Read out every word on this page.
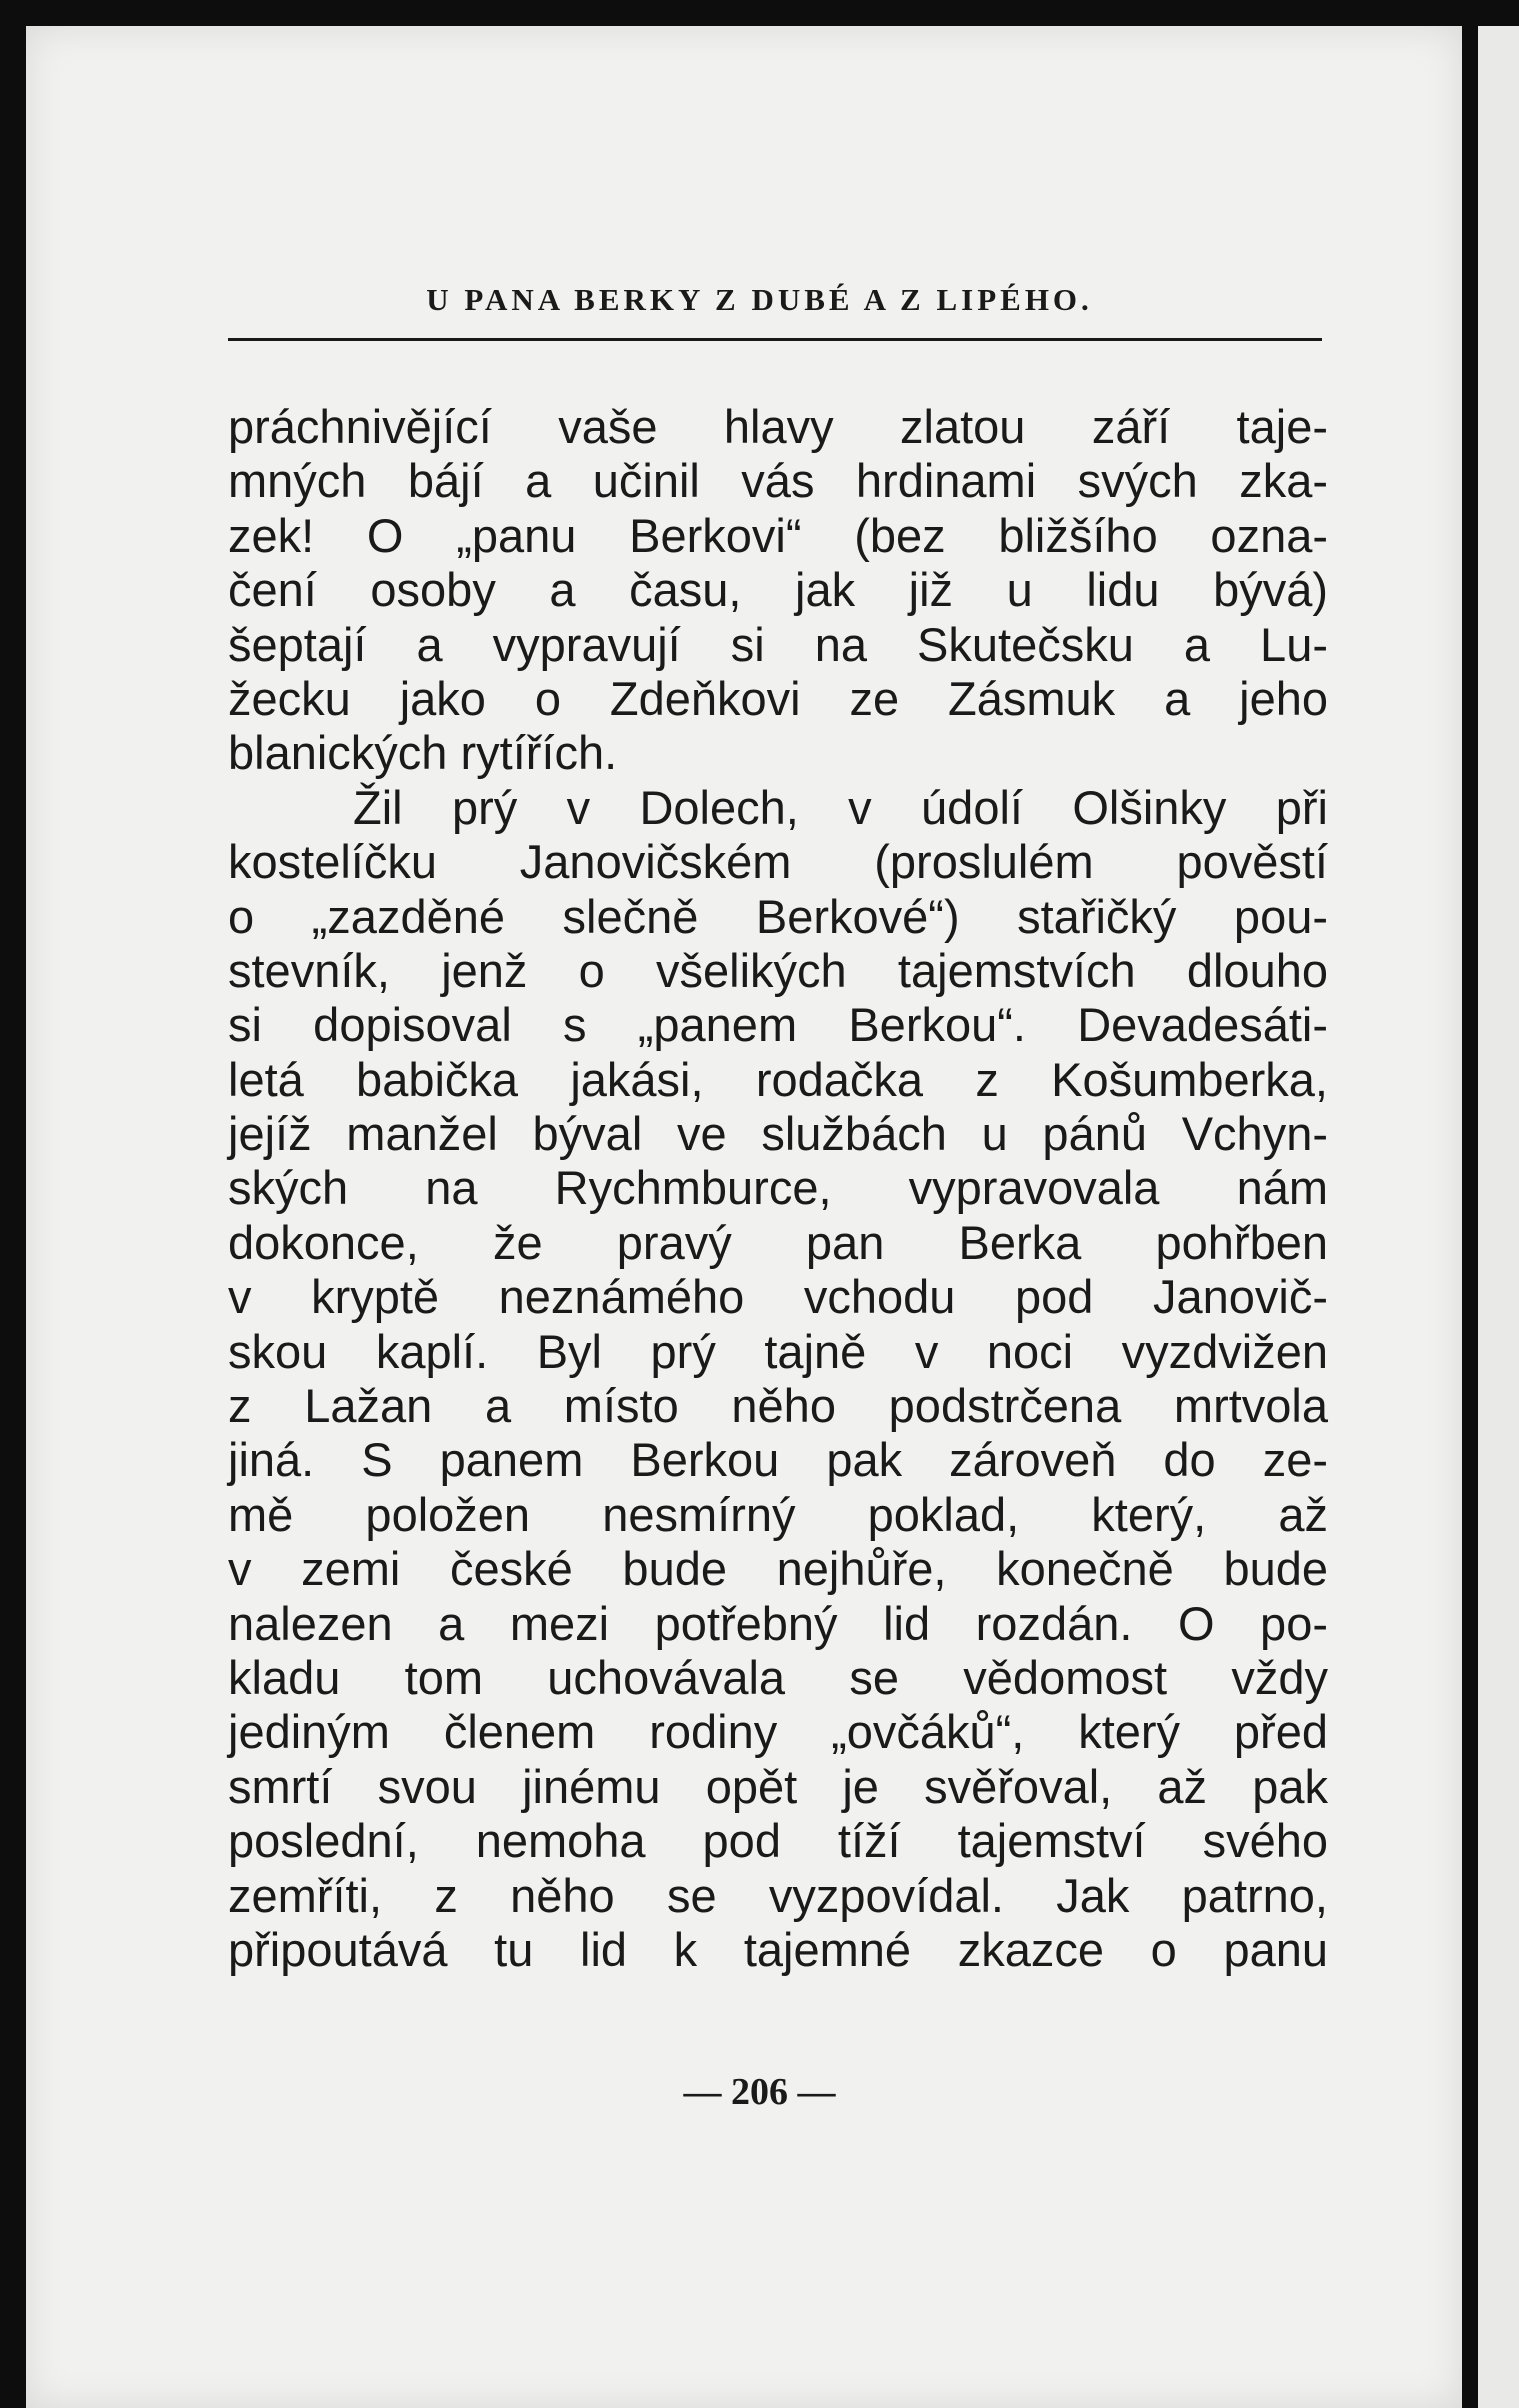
U PANA BERKY Z DUBÉ A Z LIPÉHO.
práchnivějící vaše hlavy zlatou září taje-
mných bájí a učinil vás hrdinami svých zka-
zek! O „panu Berkovi“ (bez bližšího ozna-
čení osoby a času, jak již u lidu bývá)
šeptají a vypravují si na Skutečsku a Lu-
žecku jako o Zdeňkovi ze Zásmuk a jeho
blanických rytířích.
Žil prý v Dolech, v údolí Olšinky při
kostelíčku Janovičském (proslulém pověstí
o „zazděné slečně Berkové“) stařičký pou-
stevník, jenž o všelikých tajemstvích dlouho
si dopisoval s „panem Berkou“. Devadesáti-
letá babička jakási, rodačka z Košumberka,
jejíž manžel býval ve službách u pánů Vchyn-
ských na Rychmburce, vypravovala nám
dokonce, že pravý pan Berka pohřben
v kryptě neznámého vchodu pod Janovič-
skou kaplí. Byl prý tajně v noci vyzdvižen
z Lažan a místo něho podstrčena mrtvola
jiná. S panem Berkou pak zároveň do ze-
mě položen nesmírný poklad, který, až
v zemi české bude nejhůře, konečně bude
nalezen a mezi potřebný lid rozdán. O po-
kladu tom uchovávala se vědomost vždy
jediným členem rodiny „ovčáků“, který před
smrtí svou jinému opět je svěřoval, až pak
poslední, nemoha pod tíží tajemství svého
zemříti, z něho se vyzpovídal. Jak patrno,
připoutává tu lid k tajemné zkazce o panu
— 206 —
